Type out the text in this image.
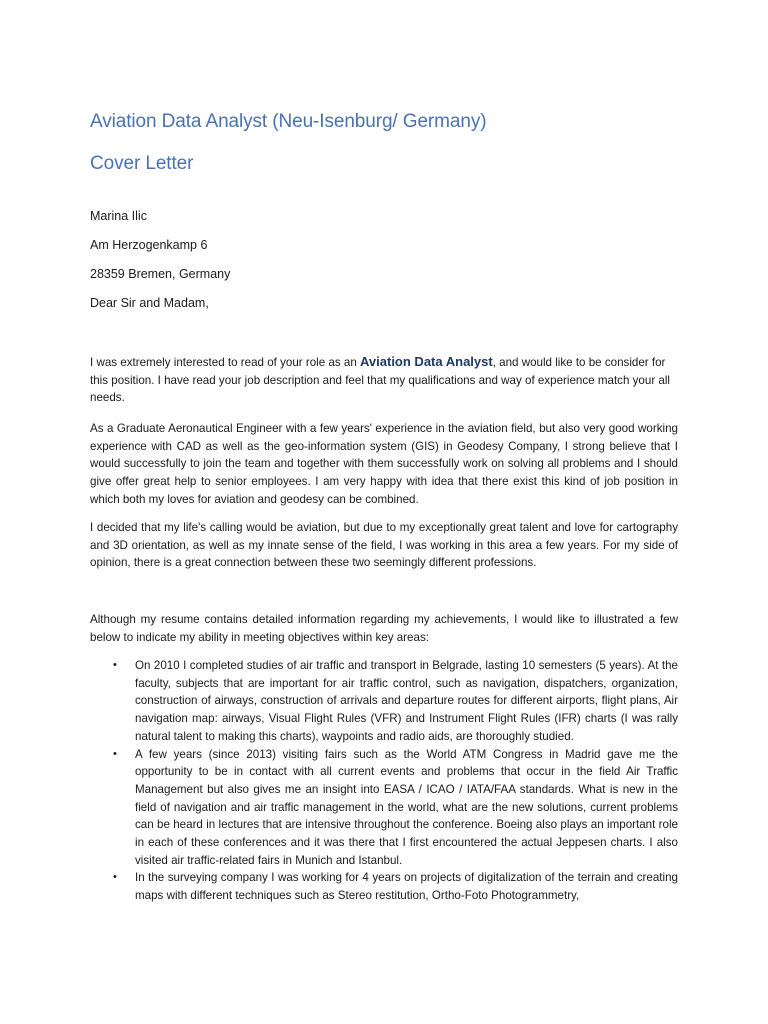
Aviation Data Analyst (Neu-Isenburg/ Germany)
Cover Letter
Marina Ilic
Am Herzogenkamp 6
28359 Bremen, Germany
Dear Sir and Madam,

I was extremely interested to read of your role as an Aviation Data Analyst, and would like to be consider for this position. I have read your job description and feel that my qualifications and way of experience match your all needs.

As a Graduate Aeronautical Engineer with a few years' experience in the aviation field, but also very good working experience with CAD as well as the geo-information system (GIS) in Geodesy Company, I strong believe that I would successfully to join the team and together with them successfully work on solving all problems and I should give offer great help to senior employees. I am very happy with idea that there exist this kind of job position in which both my loves for aviation and geodesy can be combined.

I decided that my life's calling would be aviation, but due to my exceptionally great talent and love for cartography and 3D orientation, as well as my innate sense of the field, I was working in this area a few years. For my side of opinion, there is a great connection between these two seemingly different professions.

Although my resume contains detailed information regarding my achievements, I would like to illustrated a few below to indicate my ability in meeting objectives within key areas:

• On 2010 I completed studies of air traffic and transport in Belgrade, lasting 10 semesters (5 years). At the faculty, subjects that are important for air traffic control, such as navigation, dispatchers, organization, construction of airways, construction of arrivals and departure routes for different airports, flight plans, Air navigation map: airways, Visual Flight Rules (VFR) and Instrument Flight Rules (IFR) charts (I was rally natural talent to making this charts), waypoints and radio aids, are thoroughly studied.
• A few years (since 2013) visiting fairs such as the World ATM Congress in Madrid gave me the opportunity to be in contact with all current events and problems that occur in the field Air Traffic Management but also gives me an insight into EASA / ICAO / IATA/FAA standards. What is new in the field of navigation and air traffic management in the world, what are the new solutions, current problems can be heard in lectures that are intensive throughout the conference. Boeing also plays an important role in each of these conferences and it was there that I first encountered the actual Jeppesen charts. I also visited air traffic-related fairs in Munich and Istanbul.
• In the surveying company I was working for 4 years on projects of digitalization of the terrain and creating maps with different techniques such as Stereo restitution, Ortho-Foto Photogrammetry,
